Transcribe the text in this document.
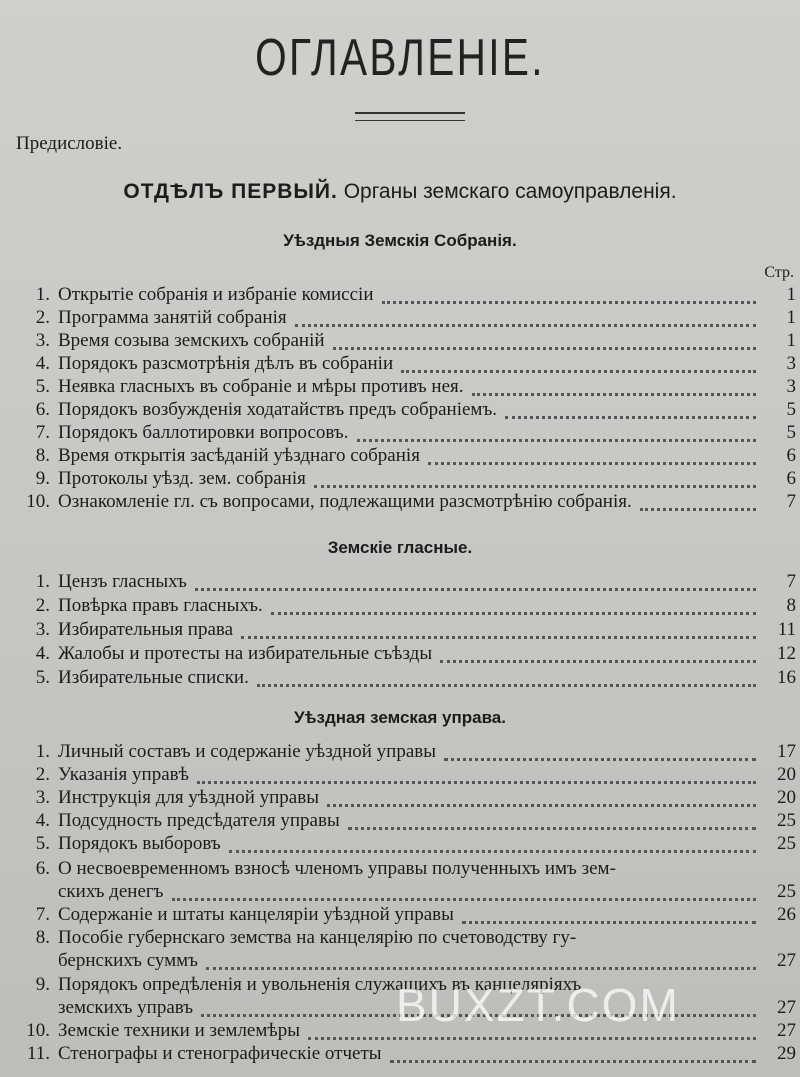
ОГЛАВЛЕНІЕ.
Предисловіе.
ОТДѢЛЪ ПЕРВЫЙ. Органы земскаго самоуправленія.
Стр.
Уѣздныя Земскія Собранія.
1. Открытіе собранія и избраніе комиссіи	1
2. Программа занятій собранія	1
3. Время созыва земскихъ собраній	1
4. Порядокъ разсмотрѣнія дѣлъ въ собраніи	3
5. Неявка гласныхъ въ собраніе и мѣры противъ нея.	3
6. Порядокъ возбужденія ходатайствъ предъ собраніемъ.	5
7. Порядокъ баллотировки вопросовъ.	5
8. Время открытія засѣданій уѣзднаго собранія	6
9. Протоколы уѣзд. зем. собранія	6
10. Ознакомленіе гл. съ вопросами, подлежащими разсмотрѣнію собранія.	7
Земскіе гласные.
1. Цензъ гласныхъ	7
2. Повѣрка правъ гласныхъ.	8
3. Избирательныя права	11
4. Жалобы и протесты на избирательные съѣзды	12
5. Избирательные списки.	16
Уѣздная земская управа.
1. Личный составъ и содержаніе уѣздной управы	17
2. Указанія управѣ	20
3. Инструкція для уѣздной управы	20
4. Подсудность предсѣдателя управы	25
5. Порядокъ выборовъ	25
6. О несвоевременномъ взносѣ членомъ управы полученныхъ имъ зем-
скихъ денегъ	25
7. Содержаніе и штаты канцеляріи уѣздной управы	26
8. Пособіе губернскаго земства на канцелярію по счетоводству гу-
бернскихъ суммъ	27
9. Порядокъ опредѣленія и увольненія служащихъ въ канцеляріяхъ
земскихъ управъ	27
10. Земскіе техники и землемѣры	27
11. Стенографы и стенографическіе отчеты	29
BUXZT.COM
